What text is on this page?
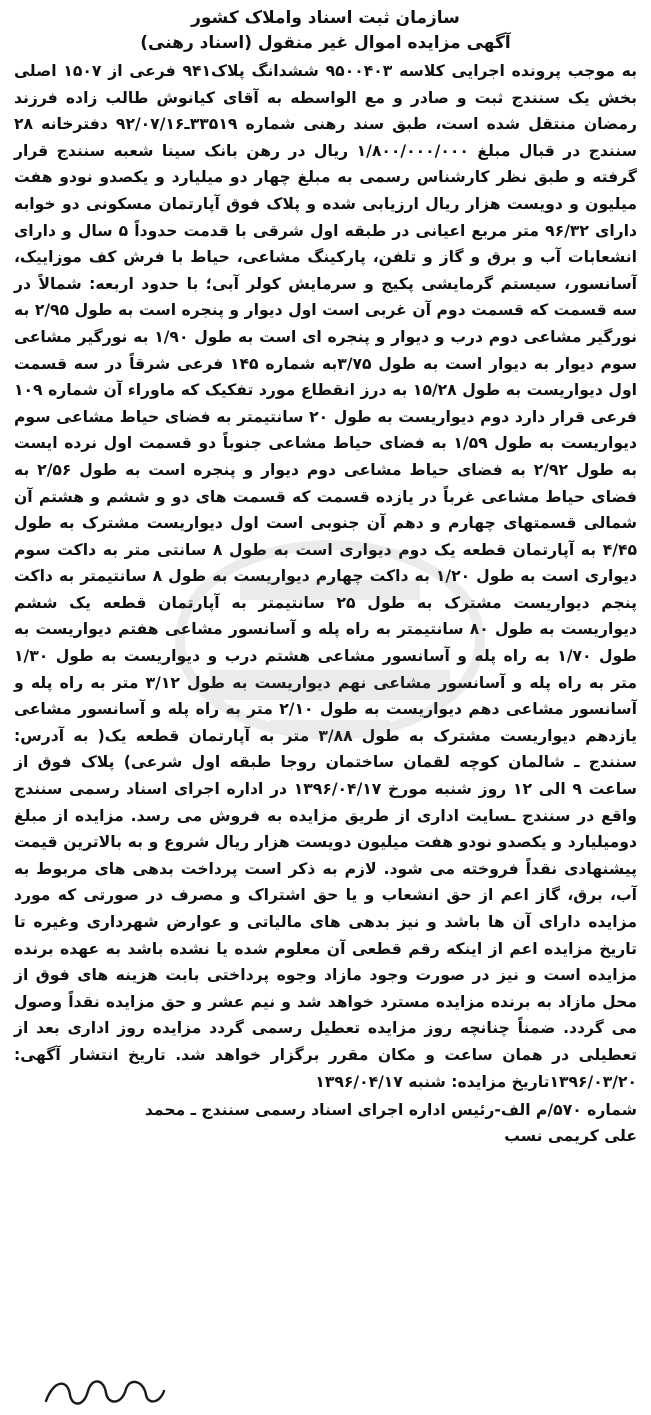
سازمان ثبت اسناد واملاک کشور
آگهی مزایده اموال غیر منقول (اسناد رهنی)
به موجب پرونده اجرایی کلاسه ۹۵۰۰۴۰۳ ششدانگ پلاک۹۴۱ فرعی از ۱۵۰۷ اصلی بخش یک سنندج ثبت و صادر و مع الواسطه به آقای کیانوش طالب زاده فرزند رمضان منتقل شده است، طبق سند رهنی شماره ۳۳۵۱۹ـ۹۲/۰۷/۱۶ دفترخانه ۲۸ سنندج در قبال مبلغ ۱/۸۰۰/۰۰۰/۰۰۰ ریال در رهن بانک سینا شعبه سنندج قرار گرفته و طبق نظر کارشناس رسمی به مبلغ چهار دو میلیارد و یکصدو نودو هفت میلیون و دویست هزار ریال ارزیابی شده و پلاک فوق آپارتمان مسکونی دو خوابه دارای ۹۶/۳۲ متر مربع اعیانی در طبقه اول شرقی با قدمت حدوداً ۵ سال و دارای انشعابات آب و برق و گاز و تلفن، پارکینگ مشاعی، حیاط با فرش کف موزاییک، آسانسور، سیستم گرمایشی پکیج و سرمایش کولر آبی؛ با حدود اربعه: شمالاً در سه قسمت که قسمت دوم آن غربی است اول دیوار و پنجره است به طول ۲/۹۵ به نورگیر مشاعی دوم درب و دیوار و پنجره ای است به طول ۱/۹۰ به نورگیر مشاعی سوم دیوار به دیوار است به طول ۳/۷۵به شماره ۱۴۵ فرعی شرقاً در سه قسمت اول دیواریست به طول ۱۵/۲۸ به درز انقطاع مورد تفکیک که ماوراء آن شماره ۱۰۹ فرعی قرار دارد دوم دیواریست به طول ۲۰ سانتیمتر به فضای حیاط مشاعی سوم دیواریست به طول ۱/۵۹ به فضای حیاط مشاعی جنوباً دو قسمت اول نرده ایست به طول ۲/۹۲ به فضای حیاط مشاعی دوم دیوار و پنجره است به طول ۲/۵۶ به فضای حیاط مشاعی غرباً در یازده قسمت که قسمت های دو و ششم و هشتم آن شمالی قسمتهای چهارم و دهم آن جنوبی است اول دیواریست مشترک به طول ۴/۴۵ به آپارتمان قطعه یک دوم دیواری است به طول ۸ سانتی متر به داکت سوم دیواری است به طول ۱/۲۰ به داکت چهارم دیواریست به طول ۸ سانتیمتر به داکت پنجم دیواریست مشترک به طول ۲۵ سانتیمتر به آپارتمان قطعه یک ششم دیواریست به طول ۸۰ سانتیمتر به راه پله و آسانسور مشاعی هفتم دیواریست به طول ۱/۷۰ به راه پله و آسانسور مشاعی هشتم درب و دیواریست به طول ۱/۳۰ متر به راه پله و آسانسور مشاعی نهم دیواریست به طول ۳/۱۲ متر به راه پله و آسانسور مشاعی دهم دیواریست به طول ۲/۱۰ متر به راه پله و آسانسور مشاعی یازدهم دیواریست مشترک به طول ۳/۸۸ متر به آپارتمان قطعه یک( به آدرس: سنندج ـ شالمان کوچه لقمان ساختمان روجا طبقه اول شرعی) پلاک فوق از ساعت ۹ الی ۱۲ روز شنبه مورخ ۱۳۹۶/۰۴/۱۷ در اداره اجرای اسناد رسمی سنندج واقع در سنندج ـسایت اداری از طریق مزایده به فروش می رسد. مزایده از مبلغ دومیلیارد و یکصدو نودو هفت میلیون دویست هزار ریال شروع و به بالاترین قیمت پیشنهادی نقداً فروخته می شود. لازم به ذکر است پرداخت بدهی های مربوط به آب، برق، گاز اعم از حق انشعاب و یا حق اشتراک و مصرف در صورتی که مورد مزایده دارای آن ها باشد و نیز بدهی های مالیاتی و عوارض شهرداری وغیره تا تاریخ مزایده اعم از اینکه رقم قطعی آن معلوم شده یا نشده باشد به عهده برنده مزایده است و نیز در صورت وجود مازاد وجوه پرداختی بابت هزینه های فوق از محل مازاد به برنده مزایده مسترد خواهد شد و نیم عشر و حق مزایده نقداً وصول می گردد. ضمناً چنانچه روز مزایده تعطیل رسمی گردد مزایده روز اداری بعد از تعطیلی در همان ساعت و مکان مقرر برگزار خواهد شد. تاریخ انتشار آگهی: ۱۳۹۶/۰۳/۲۰تاریخ مزایده: شنبه ۱۳۹۶/۰۴/۱۷
شماره ۵۷۰/م الف-رئیس اداره اجرای اسناد رسمی سنندج ـ محمد
علی کریمی نسب
